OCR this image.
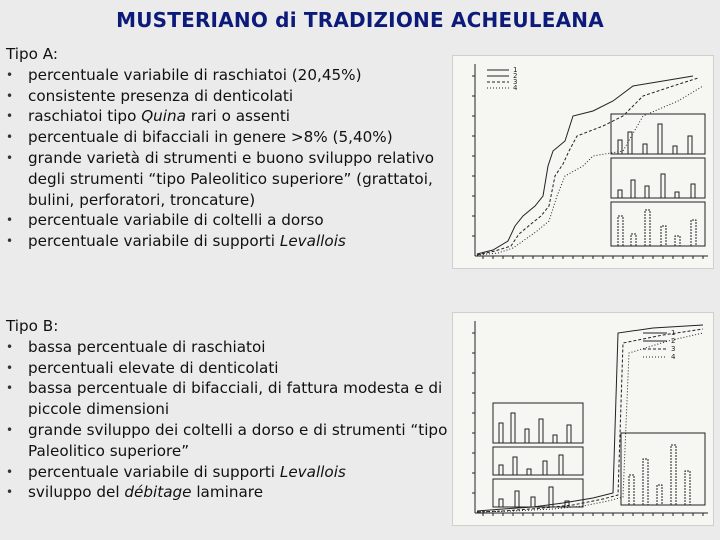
MUSTERIANO di TRADIZIONE ACHEULEANA
Tipo A:
• percentuale variabile di raschiatoi (20,45%)
• consistente presenza di denticolati
• raschiatoi tipo Quina rari o assenti
• percentuale di bifacciali in genere >8% (5,40%)
• grande varietà di strumenti e buono sviluppo relativo degli strumenti “tipo Paleolitico superiore” (grattatoi, bulini, perforatori, troncature)
• percentuale variabile di coltelli a dorso
• percentuale variabile di supporti Levallois
Tipo B:
• bassa percentuale di raschiatoi
• percentuali elevate di denticolati
• bassa percentuale di bifacciali, di fattura modesta e di piccole dimensioni
• grande sviluppo dei coltelli a dorso e di strumenti “tipo Paleolitico superiore”
• percentuale variabile di supporti Levallois
• sviluppo del débitage laminare
1
2
3
4
1
2
3
4
